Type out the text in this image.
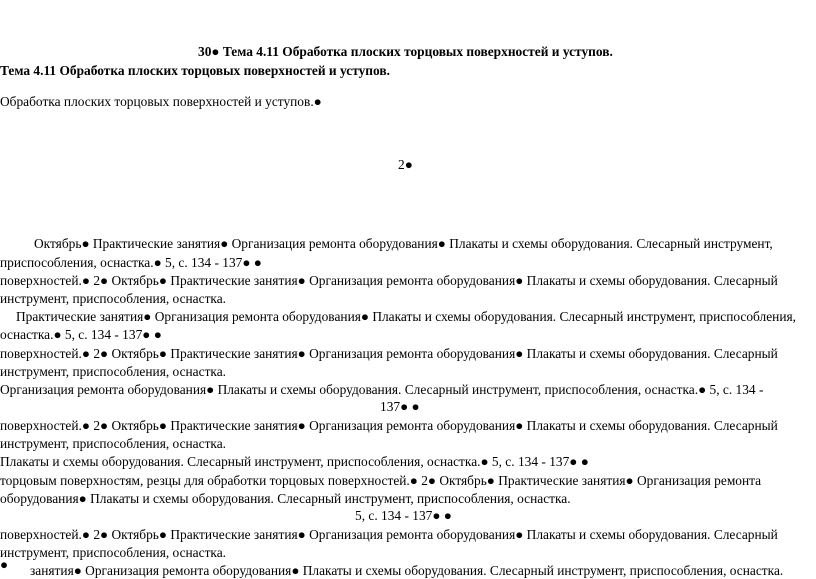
30● Тема 4.11 Обработка плоских торцовых поверхностей и уступов.
Тема 4.11 Обработка плоских торцовых поверхностей и уступов.
Обработка плоских торцовых поверхностей и уступов.●
2●
Октябрь● Практические занятия● Организация ремонта оборудования● Плакаты и схемы оборудования. Слесарный инструмент,
приспособления, оснастка.● 5, с. 134 - 137● ●
поверхностей.● 2● Октябрь● Практические занятия● Организация ремонта оборудования● Плакаты и схемы оборудования. Слесарный
инструмент, приспособления, оснастка.
Практические занятия● Организация ремонта оборудования● Плакаты и схемы оборудования. Слесарный инструмент, приспособления,
оснастка.● 5, с. 134 - 137● ●
поверхностей.● 2● Октябрь● Практические занятия● Организация ремонта оборудования● Плакаты и схемы оборудования. Слесарный
инструмент, приспособления, оснастка.
Организация ремонта оборудования● Плакаты и схемы оборудования. Слесарный инструмент, приспособления, оснастка.● 5, с. 134 -
137● ●
поверхностей.● 2● Октябрь● Практические занятия● Организация ремонта оборудования● Плакаты и схемы оборудования. Слесарный
инструмент, приспособления, оснастка.
Плакаты и схемы оборудования. Слесарный инструмент, приспособления, оснастка.● 5, с. 134 - 137● ●
торцовым поверхностям, резцы для обработки торцовых поверхностей.● 2● Октябрь● Практические занятия● Организация ремонта
оборудования● Плакаты и схемы оборудования. Слесарный инструмент, приспособления, оснастка.
5, с. 134 - 137● ●
поверхностей.● 2● Октябрь● Практические занятия● Организация ремонта оборудования● Плакаты и схемы оборудования. Слесарный
инструмент, приспособления, оснастка.
● занятия● Организация ремонта оборудования● Плакаты и схемы оборудования. Слесарный инструмент, приспособления, оснастка.
